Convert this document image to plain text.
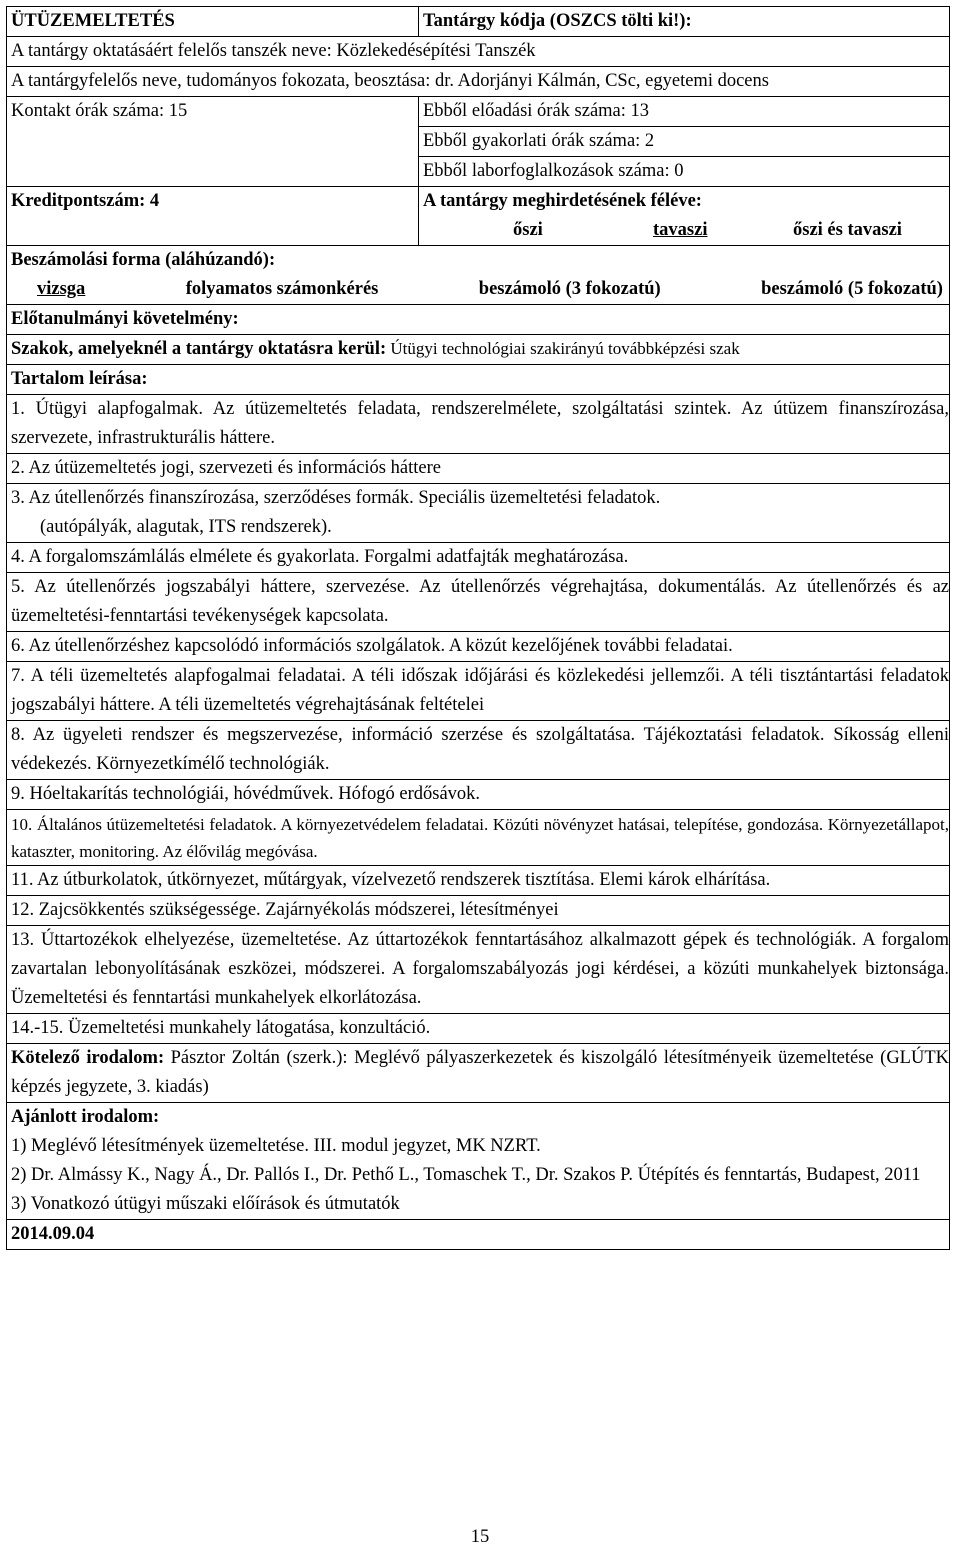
ÜTÜZEMELTETÉS	Tantárgy kódja (OSZCS tölti ki!):
A tantárgy oktatásáért felelős tanszék neve: Közlekedésépítési Tanszék	
A tantárgyfelelős neve, tudományos fokozata, beosztása: dr. Adorjányi Kálmán, CSc, egyetemi docens	
Kontakt órák száma: 15	Ebből előadási órák száma: 13
	Ebből gyakorlati órák száma: 2
	Ebből laborfoglalkozások száma: 0
Kreditpontszám: 4	A tantárgy meghirdetésének féléve:
őszi tavaszi őszi és tavaszi

Beszámolási forma (aláhúzandó):
vizsga folyamatos számonkérés beszámoló (3 fokozatú) beszámoló (5 fokozatú)	

Előtanulmányi követelmény:	
Szakok, amelyeknél a tantárgy oktatásra kerül: Útügyi technológiai szakirányú továbbképzési szak	
Tartalom leírása:	
1. Útügyi alapfogalmak. Az útüzemeltetés feladata, rendszerelmélete, szolgáltatási szintek. Az útüzem finanszírozása, szervezete, infrastrukturális háttere.	
2. Az útüzemeltetés jogi, szervezeti és információs háttere	

3. Az útellenőrzés finanszírozása, szerződéses formák. Speciális üzemeltetési feladatok.
(autópályák, alagutak, ITS rendszerek).	

4. A forgalomszámlálás elmélete és gyakorlata. Forgalmi adatfajták meghatározása.	
5. Az útellenőrzés jogszabályi háttere, szervezése. Az útellenőrzés végrehajtása, dokumentálás. Az útellenőrzés és az üzemeltetési-fenntartási tevékenységek kapcsolata.	
6. Az útellenőrzéshez kapcsolódó információs szolgálatok. A közút kezelőjének további feladatai.	
7. A téli üzemeltetés alapfogalmai feladatai. A téli időszak időjárási és közlekedési jellemzői. A téli tisztántartási feladatok jogszabályi háttere. A téli üzemeltetés végrehajtásának feltételei	
8. Az ügyeleti rendszer és megszervezése, információ szerzése és szolgáltatása. Tájékoztatási feladatok. Síkosság elleni védekezés. Környezetkímélő technológiák.	
9. Hóeltakarítás technológiái, hóvédművek. Hófogó erdősávok.	
10. Általános útüzemeltetési feladatok. A környezetvédelem feladatai. Közúti növényzet hatásai, telepítése, gondozása. Környezetállapot, kataszter, monitoring. Az élővilág megóvása.	
11. Az útburkolatok, útkörnyezet, műtárgyak, vízelvezető rendszerek tisztítása. Elemi károk elhárítása.	
12. Zajcsökkentés szükségessége. Zajárnyékolás módszerei, létesítményei	
13. Úttartozékok elhelyezése, üzemeltetése. Az úttartozékok fenntartásához alkalmazott gépek és technológiák. A forgalom zavartalan lebonyolításának eszközei, módszerei. A forgalomszabályozás jogi kérdései, a közúti munkahelyek biztonsága. Üzemeltetési és fenntartási munkahelyek elkorlátozása.	
14.-15. Üzemeltetési munkahely látogatása, konzultáció.	
Kötelező irodalom: Pásztor Zoltán (szerk.): Meglévő pályaszerkezetek és kiszolgáló létesítményeik üzemeltetése (GLÚTK képzés jegyzete, 3. kiadás)	

Ajánlott irodalom:
1) Meglévő létesítmények üzemeltetése. III. modul jegyzet, MK NZRT.
2) Dr. Almássy K., Nagy Á., Dr. Pallós I., Dr. Pethő L., Tomaschek T., Dr. Szakos P. Útépítés és fenntartás, Budapest, 2011
3) Vonatkozó útügyi műszaki előírások és útmutatók	

2014.09.04	
15
